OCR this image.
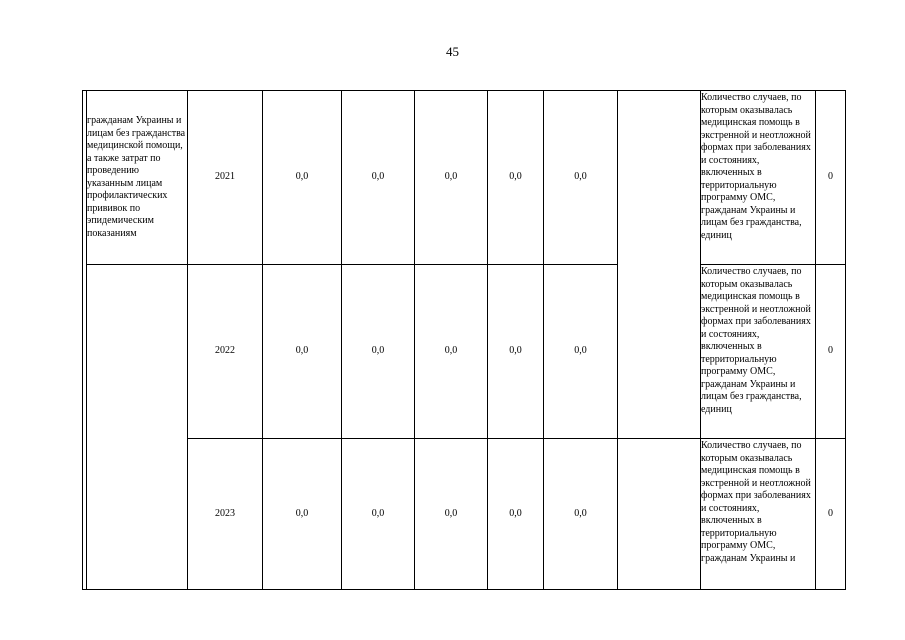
45

	гражданам Украины и лицам без гражданства медицинской помощи, а также затрат по проведению указанным лицам профилактических прививок по эпидемическим показаниям	2021	0,0	0,0	0,0	0,0	0,0		Количество случаев, по которым оказывалась медицинская помощь в экстренной и неотложной формах при заболеваниях и состояниях, включенных в территориальную программу ОМС, гражданам Украины и лицам без гражданства, единиц	0
		2022	0,0	0,0	0,0	0,0	0,0		Количество случаев, по которым оказывалась медицинская помощь в экстренной и неотложной формах при заболеваниях и состояниях, включенных в территориальную программу ОМС, гражданам Украины и лицам без гражданства, единиц	0
		2023	0,0	0,0	0,0	0,0	0,0		Количество случаев, по которым оказывалась медицинская помощь в экстренной и неотложной формах при заболеваниях и состояниях, включенных в территориальную программу ОМС, гражданам Украины и	0
